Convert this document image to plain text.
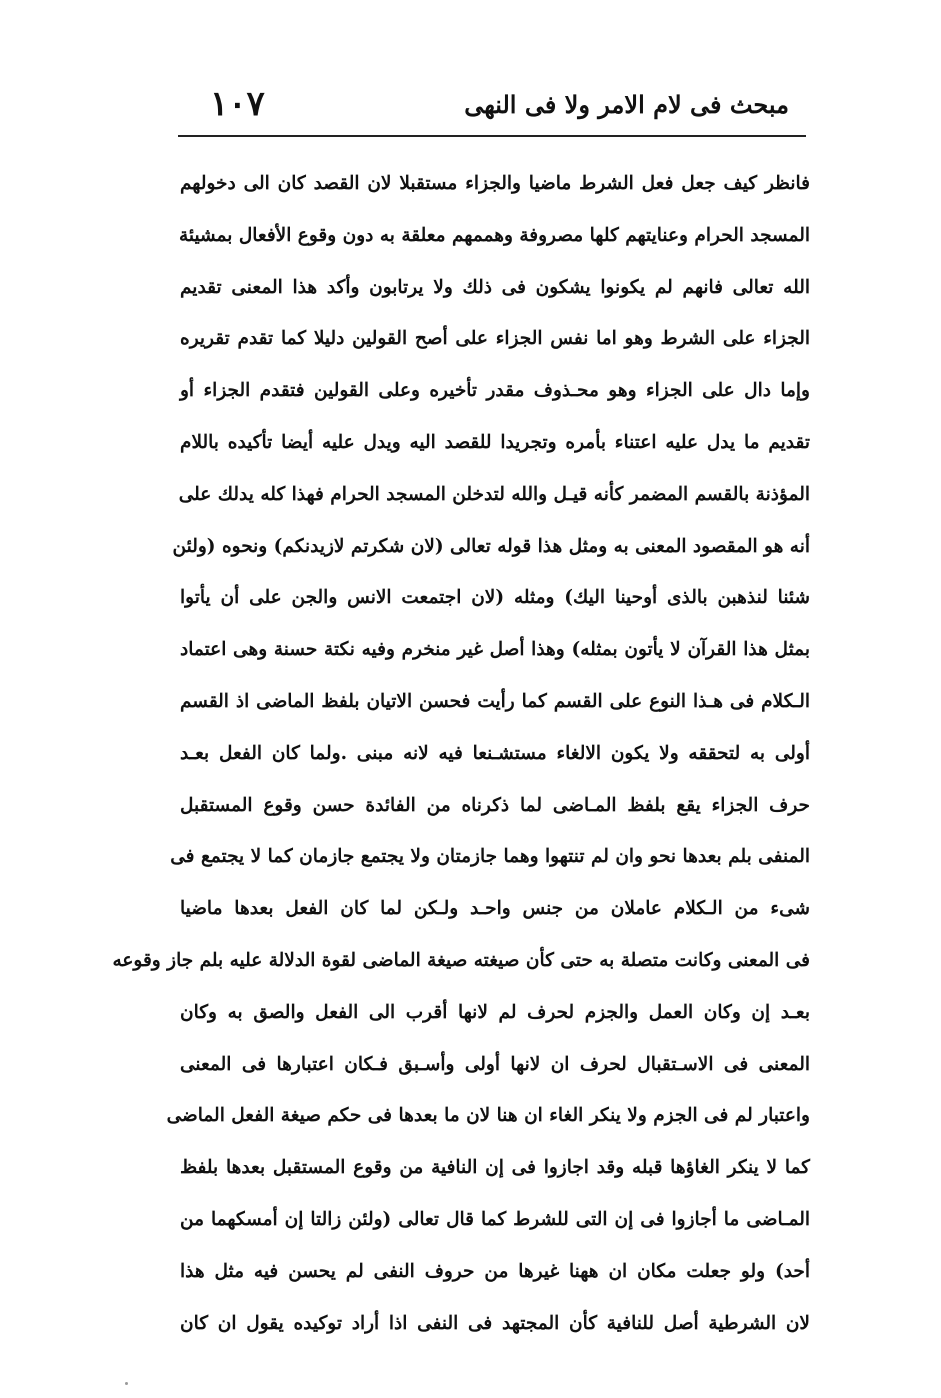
مبحث فى لام الامر ولا فى النهى
١٠٧
فانظر كيف جعل فعل الشرط ماضيا والجزاء مستقبلا لان القصد كان الى دخولهم
المسجد الحرام وعنايتهم كلها مصروفة وهممهم معلقة به دون وقوع الأفعال بمشيئة
الله تعالى فانهم لم يكونوا يشكون فى ذلك ولا يرتابون وأكد هذا المعنى تقديم
الجزاء على الشرط وهو اما نفس الجزاء على أصح القولين دليلا كما تقدم تقريره
وإما دال على الجزاء وهو محـذوف مقدر تأخيره وعلى القولين فتقدم الجزاء أو
تقديم ما يدل عليه اعتناء بأمره وتجريدا للقصد اليه ويدل عليه أيضا تأكيده باللام
المؤذنة بالقسم المضمر كأنه قيـل والله لتدخلن المسجد الحرام فهذا كله يدلك على
أنه هو المقصود المعنى به ومثل هذا قوله تعالى (لان شكرتم لازيدنكم) ونحوه (ولئن
شئنا لنذهبن بالذى أوحينا اليك) ومثله (لان اجتمعت الانس والجن على أن يأتوا
بمثل هذا القرآن لا يأتون بمثله) وهذا أصل غير منخرم وفيه نكتة حسنة وهى اعتماد
الـكلام فى هـذا النوع على القسم كما رأيت فحسن الاتيان بلفظ الماضى اذ القسم
أولى به لتحققه ولا يكون الالغاء مستشـنعا فيه لانه مبنى .ولما كان الفعل بعـد
حرف الجزاء يقع بلفظ المـاضى لما ذكرناه من الفائدة حسن وقوع المستقبل
المنفى بلم بعدها نحو وان لم تنتهوا وهما جازمتان ولا يجتمع جازمان كما لا يجتمع فى
شىء من الـكلام عاملان من جنس واحـد ولـكن لما كان الفعل بعدها ماضيا
فى المعنى وكانت متصلة به حتى كأن صيغته صيغة الماضى لقوة الدلالة عليه بلم جاز وقوعه
بعـد إن وكان العمل والجزم لحرف لم لانها أقرب الى الفعل والصق به وكان
المعنى فى الاسـتقبال لحرف ان لانها أولى وأسـبق فـكان اعتبارها فى المعنى
واعتبار لم فى الجزم ولا ينكر الغاء ان هنا لان ما بعدها فى حكم صيغة الفعل الماضى
كما لا ينكر الغاؤها قبله وقد اجازوا فى إن النافية من وقوع المستقبل بعدها بلفظ
المـاضى ما أجازوا فى إن التى للشرط كما قال تعالى (ولئن زالتا إن أمسكهما من
أحد) ولو جعلت مكان ان ههنا غيرها من حروف النفى لم يحسن فيه مثل هذا
لان الشرطية أصل للنافية كأن المجتهد فى النفى اذا أراد توكيده يقول ان كان
